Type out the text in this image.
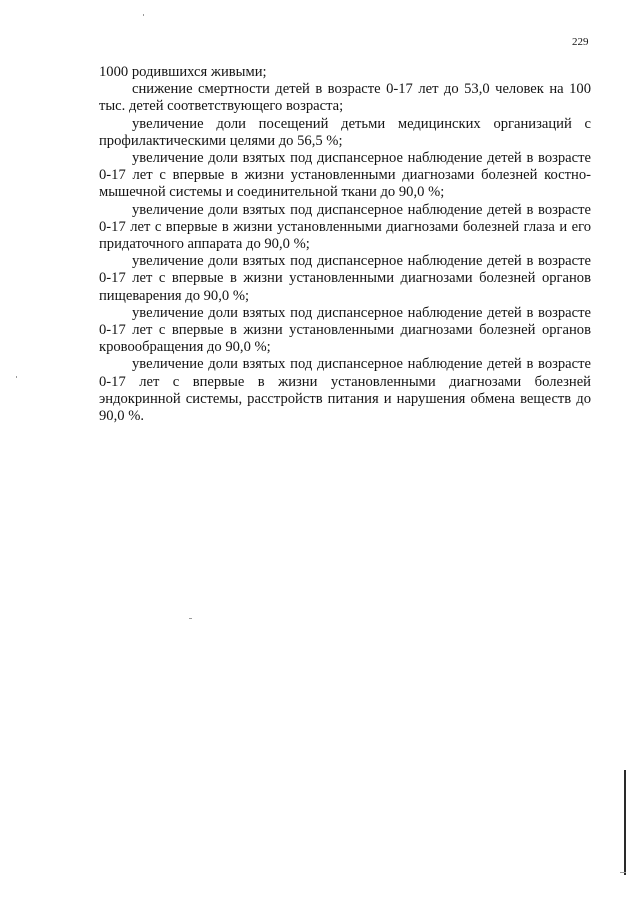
229

1000 родившихся живыми;

снижение смертности детей в возрасте 0-17 лет до 53,0 человек на 100 тыс. детей соответствующего возраста;

увеличение доли посещений детьми медицинских организаций с профилактическими целями до 56,5 %;

увеличение доли взятых под диспансерное наблюдение детей в возрасте 0-17 лет с впервые в жизни установленными диагнозами болезней костно-мышечной системы и соединительной ткани до 90,0 %;

увеличение доли взятых под диспансерное наблюдение детей в возрасте 0-17 лет с впервые в жизни установленными диагнозами болезней глаза и его придаточного аппарата до 90,0 %;

увеличение доли взятых под диспансерное наблюдение детей в возрасте 0-17 лет с впервые в жизни установленными диагнозами болезней органов пищеварения до 90,0 %;

увеличение доли взятых под диспансерное наблюдение детей в возрасте 0-17 лет с впервые в жизни установленными диагнозами болезней органов кровообращения до 90,0 %;

увеличение доли взятых под диспансерное наблюдение детей в возрасте 0-17 лет с впервые в жизни установленными диагнозами болезней эндокринной системы, расстройств питания и нарушения обмена веществ до 90,0 %.
